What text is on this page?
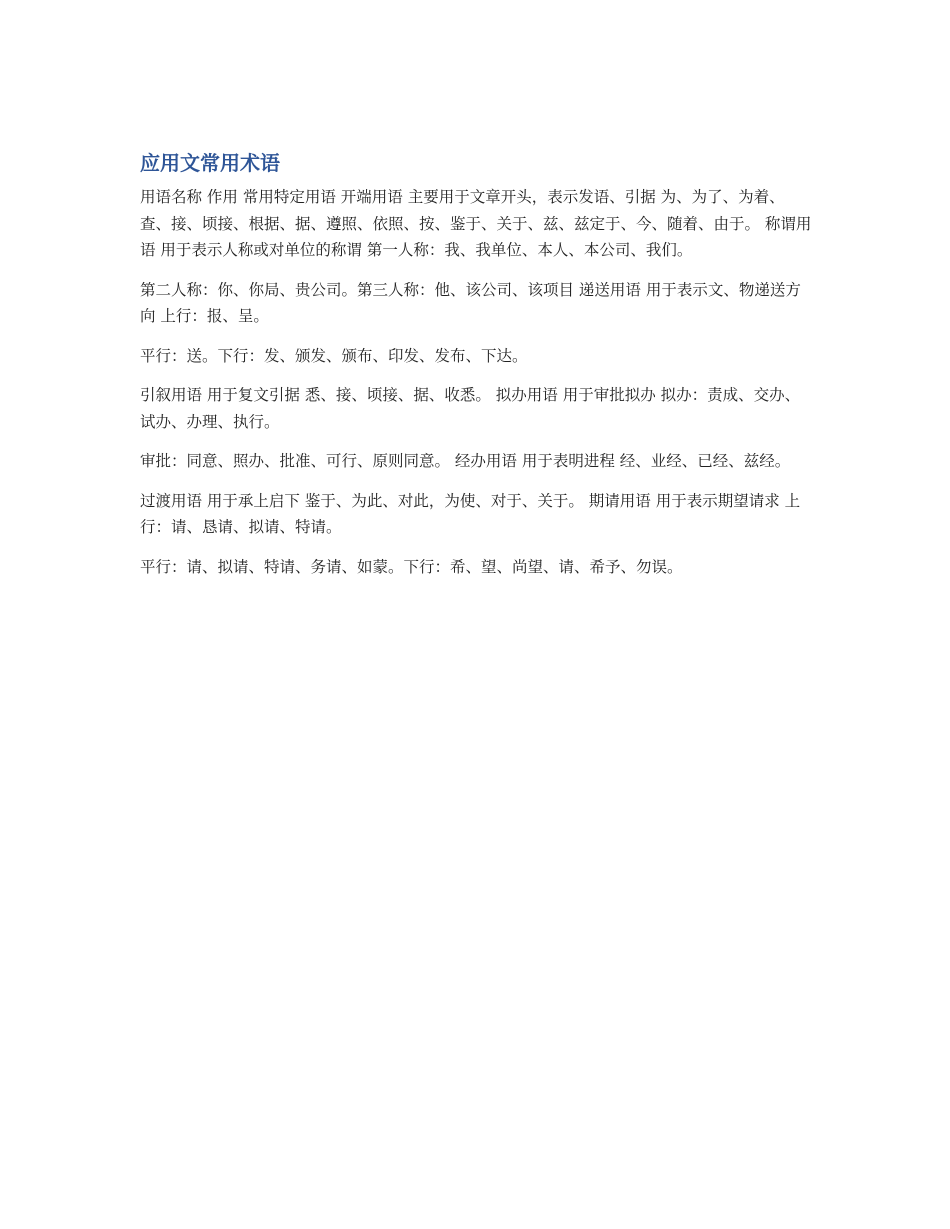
应用文常用术语

用语名称 作用 常用特定用语 开端用语 主要用于文章开头，表示发语、引据 为、为了、为着、查、接、顷接、根据、据、遵照、依照、按、鉴于、关于、兹、兹定于、今、随着、由于。 称谓用语 用于表示人称或对单位的称谓 第一人称：我、我单位、本人、本公司、我们。

第二人称：你、你局、贵公司。第三人称：他、该公司、该项目 递送用语 用于表示文、物递送方向 上行：报、呈。

平行：送。下行：发、颁发、颁布、印发、发布、下达。

引叙用语 用于复文引据 悉、接、顷接、据、收悉。 拟办用语 用于审批拟办 拟办：责成、交办、试办、办理、执行。

审批：同意、照办、批准、可行、原则同意。 经办用语 用于表明进程 经、业经、已经、兹经。

过渡用语 用于承上启下 鉴于、为此、对此，为使、对于、关于。 期请用语 用于表示期望请求 上行：请、恳请、拟请、特请。

平行：请、拟请、特请、务请、如蒙。下行：希、望、尚望、请、希予、勿误。
